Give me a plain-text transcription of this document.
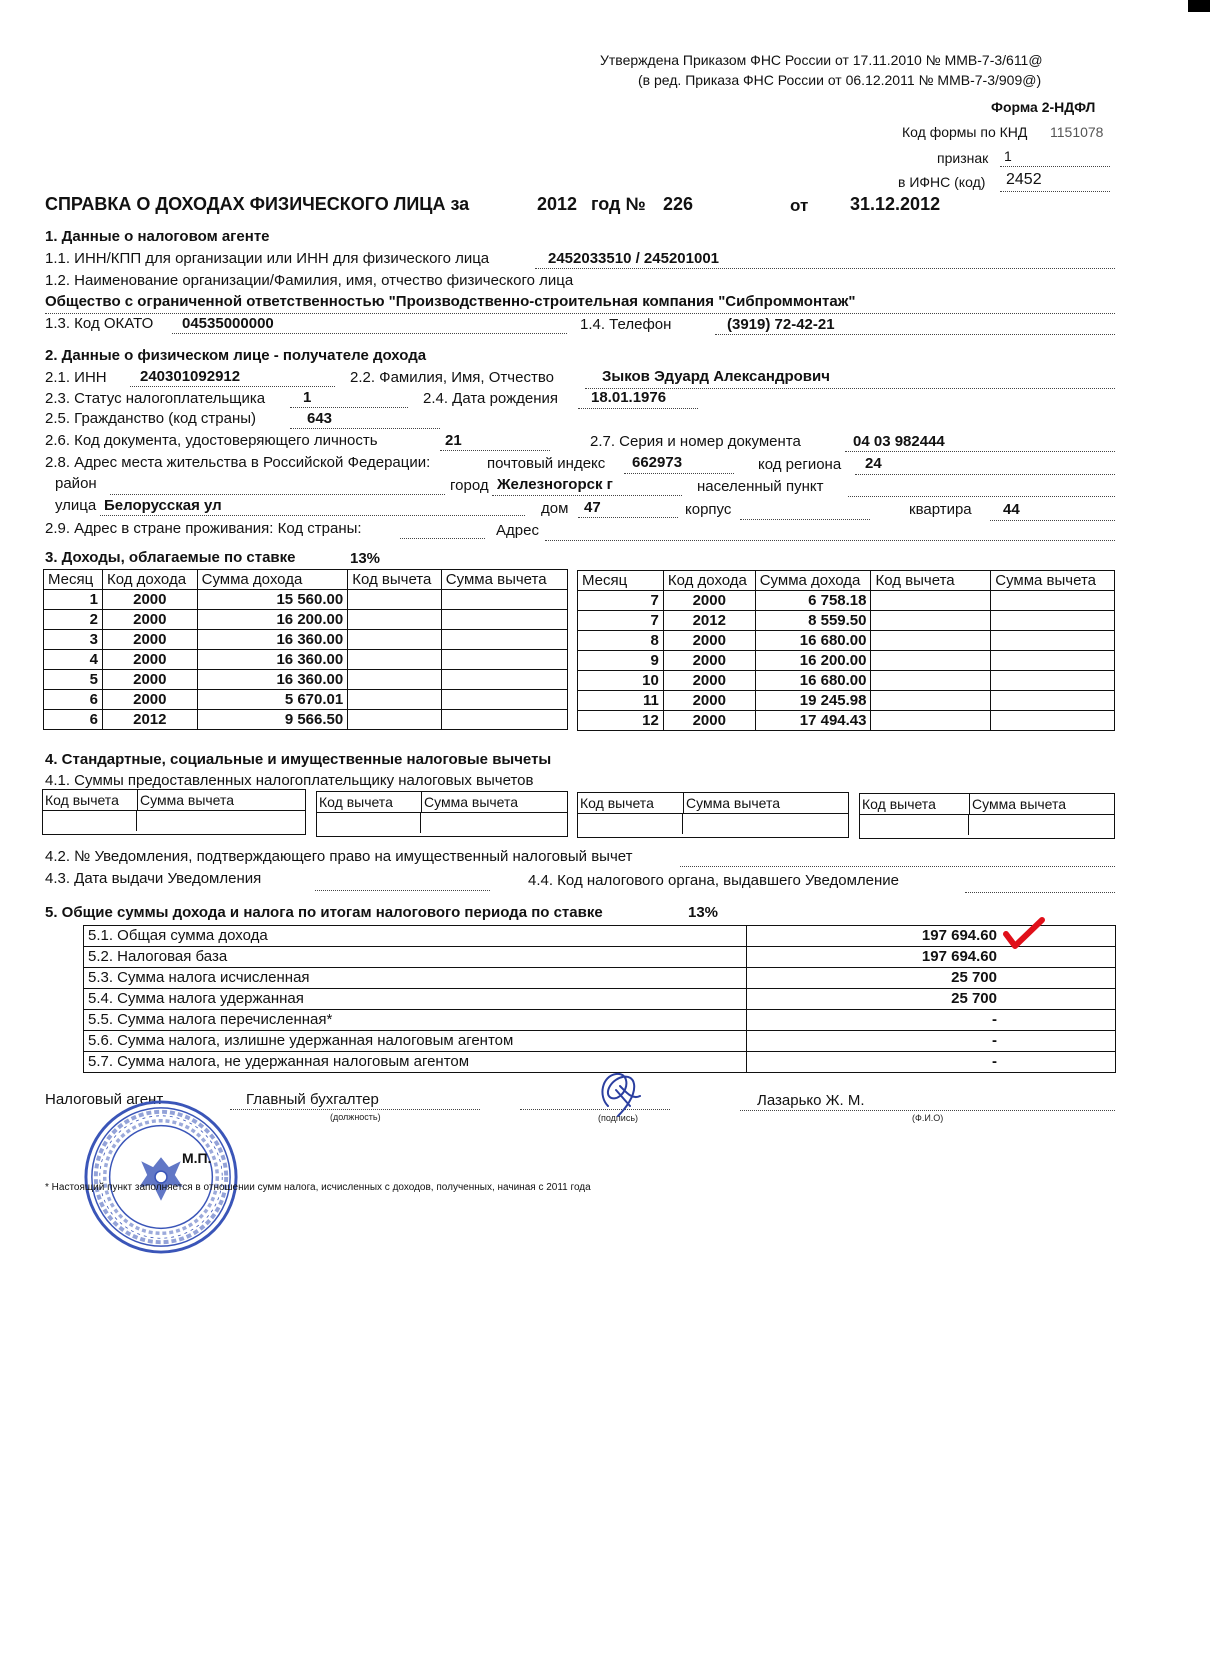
Утверждена Приказом ФНС России от 17.11.2010 № ММВ-7-3/611@
(в ред. Приказа ФНС России от 06.12.2011 № ММВ-7-3/909@)
Форма 2-НДФЛ
Код формы по КНД 1151078
признак 1
в ИФНС (код) 2452
СПРАВКА О ДОХОДАХ ФИЗИЧЕСКОГО ЛИЦА за	2012 год № 226	от 31.12.2012
1. Данные о налоговом агенте
1.1. ИНН/КПП для организации или ИНН для физического лица	2452033510 / 245201001
1.2. Наименование организации/Фамилия, имя, отчество физического лица
Общество с ограниченной ответственностью "Производственно-строительная компания "Сибпроммонтаж"
1.3. Код ОКАТО 04535000000	1.4. Телефон	(3919) 72-42-21
2. Данные о физическом лице - получателе дохода
2.1. ИНН 240301092912	2.2. Фамилия, Имя, Отчество	Зыков Эдуард Александрович
2.3. Статус налогоплательщика	1	2.4. Дата рождения 18.01.1976
2.5. Гражданство (код страны)	643
2.6. Код документа, удостоверяющего личность	21	2.7. Серия и номер документа	04 03 982444
2.8. Адрес места жительства в Российской Федерации:	почтовый индекс 662973	код региона 24
район	город Железногорск г	населенный пункт
улица Белорусская ул	дом 47	корпус	квартира 44
2.9. Адрес в стране проживания: Код страны:	Адрес
3. Доходы, облагаемые по ставке	13%
Месяц	Код дохода	Сумма дохода	Код вычета	Сумма вычета
1	2000	15 560.00		
2	2000	16 200.00		
3	2000	16 360.00		
4	2000	16 360.00		
5	2000	16 360.00		
6	2000	5 670.01		
6	2012	9 566.50		
Месяц	Код дохода	Сумма дохода	Код вычета	Сумма вычета
7	2000	6 758.18		
7	2012	8 559.50		
8	2000	16 680.00		
9	2000	16 200.00		
10	2000	16 680.00		
11	2000	19 245.98		
12	2000	17 494.43		
4. Стандартные, социальные и имущественные налоговые вычеты
4.1. Суммы предоставленных налогоплательщику налоговых вычетов
Код вычета	Сумма вычета	Код вычета	Сумма вычета	Код вычета	Сумма вычета	Код вычета	Сумма вычета
4.2. № Уведомления, подтверждающего право на имущественный налоговый вычет
4.3. Дата выдачи Уведомления	4.4. Код налогового органа, выдавшего Уведомление
5. Общие суммы дохода и налога по итогам налогового периода по ставке	13%
5.1. Общая сумма дохода	197 694.60
5.2. Налоговая база	197 694.60
5.3. Сумма налога исчисленная	25 700
5.4. Сумма налога удержанная	25 700
5.5. Сумма налога перечисленная*	-
5.6. Сумма налога, излишне удержанная налоговым агентом	-
5.7. Сумма налога, не удержанная налоговым агентом	-
Налоговый агент	Главный бухгалтер
(должность)	(подпись)
Лазарько Ж. М.
(Ф.И.О)
М.П.
* Настоящий пункт заполняется в отношении сумм налога, исчисленных с доходов, полученных, начиная с 2011 года
